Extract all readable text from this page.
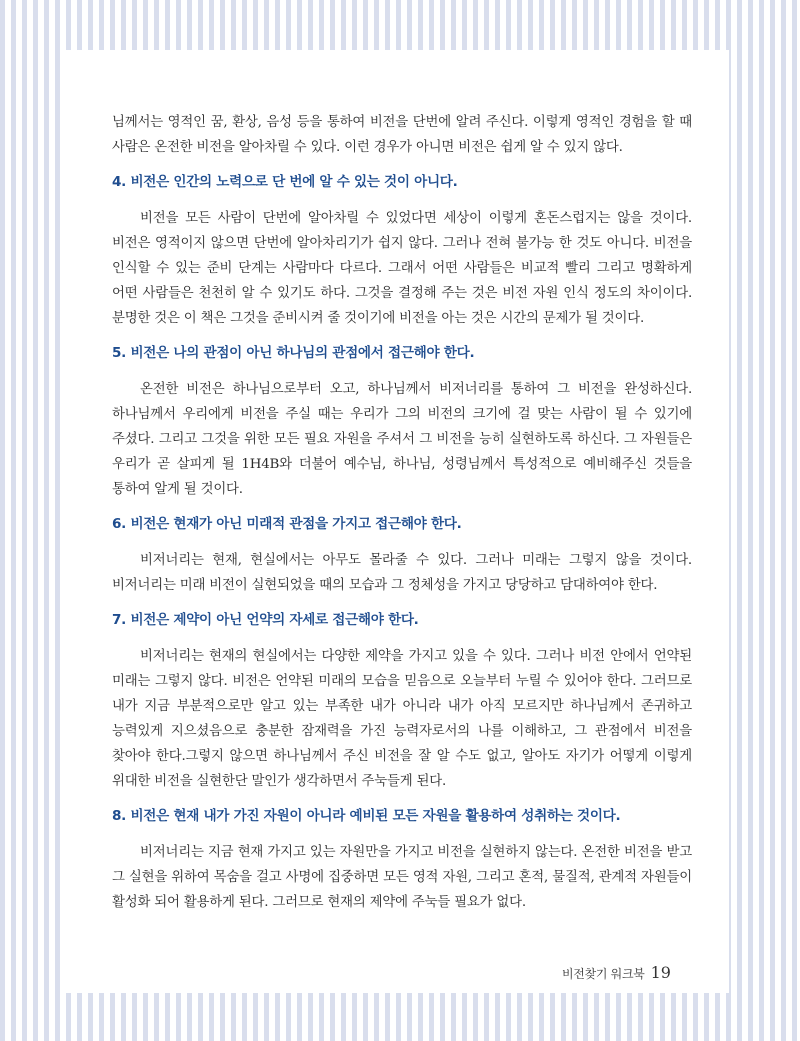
님께서는 영적인 꿈, 환상, 음성 등을 통하여 비전을 단번에 알려 주신다. 이렇게 영적인 경험을 할 때 사람은 온전한 비전을 알아차릴 수 있다. 이런 경우가 아니면 비전은 쉽게 알 수 있지 않다.

4. 비전은 인간의 노력으로 단 번에 알 수 있는 것이 아니다.

비전을 모든 사람이 단번에 알아차릴 수 있었다면 세상이 이렇게 혼돈스럽지는 않을 것이다. 비전은 영적이지 않으면 단번에 알아차리기가 쉽지 않다. 그러나 전혀 불가능 한 것도 아니다. 비전을 인식할 수 있는 준비 단계는 사람마다 다르다. 그래서 어떤 사람들은 비교적 빨리 그리고 명확하게 어떤 사람들은 천천히 알 수 있기도 하다. 그것을 결정해 주는 것은 비전 자원 인식 정도의 차이이다. 분명한 것은 이 책은 그것을 준비시켜 줄 것이기에 비전을 아는 것은 시간의 문제가 될 것이다.

5. 비전은 나의 관점이 아닌 하나님의 관점에서 접근해야 한다.

온전한 비전은 하나님으로부터 오고, 하나님께서 비저너리를 통하여 그 비전을 완성하신다. 하나님께서 우리에게 비전을 주실 때는 우리가 그의 비전의 크기에 걸 맞는 사람이 될 수 있기에 주셨다. 그리고 그것을 위한 모든 필요 자원을 주셔서 그 비전을 능히 실현하도록 하신다. 그 자원들은 우리가 곧 살피게 될 1H4B와 더불어 예수님, 하나님, 성령님께서 특성적으로 예비해주신 것들을 통하여 알게 될 것이다.

6. 비전은 현재가 아닌 미래적 관점을 가지고 접근해야 한다.

비저너리는 현재, 현실에서는 아무도 몰라줄 수 있다. 그러나 미래는 그렇지 않을 것이다. 비저너리는 미래 비전이 실현되었을 때의 모습과 그 정체성을 가지고 당당하고 담대하여야 한다.

7. 비전은 제약이 아닌 언약의 자세로 접근해야 한다.

비저너리는 현재의 현실에서는 다양한 제약을 가지고 있을 수 있다. 그러나 비전 안에서 언약된 미래는 그렇지 않다. 비전은 언약된 미래의 모습을 믿음으로 오늘부터 누릴 수 있어야 한다. 그러므로 내가 지금 부분적으로만 알고 있는 부족한 내가 아니라 내가 아직 모르지만 하나님께서 존귀하고 능력있게 지으셨음으로 충분한 잠재력을 가진 능력자로서의 나를 이해하고, 그 관점에서 비전을 찾아야 한다.그렇지 않으면 하나님께서 주신 비전을 잘 알 수도 없고, 알아도 자기가 어떻게 이렇게 위대한 비전을 실현한단 말인가 생각하면서 주눅들게 된다.

8. 비전은 현재 내가 가진 자원이 아니라 예비된 모든 자원을 활용하여 성취하는 것이다.

비저너리는 지금 현재 가지고 있는 자원만을 가지고 비전을 실현하지 않는다. 온전한 비전을 받고 그 실현을 위하여 목숨을 걸고 사명에 집중하면 모든 영적 자원, 그리고 혼적, 물질적, 관계적 자원들이 활성화 되어 활용하게 된다. 그러므로 현재의 제약에 주눅들 필요가 없다.

비전찾기 워크북 19
